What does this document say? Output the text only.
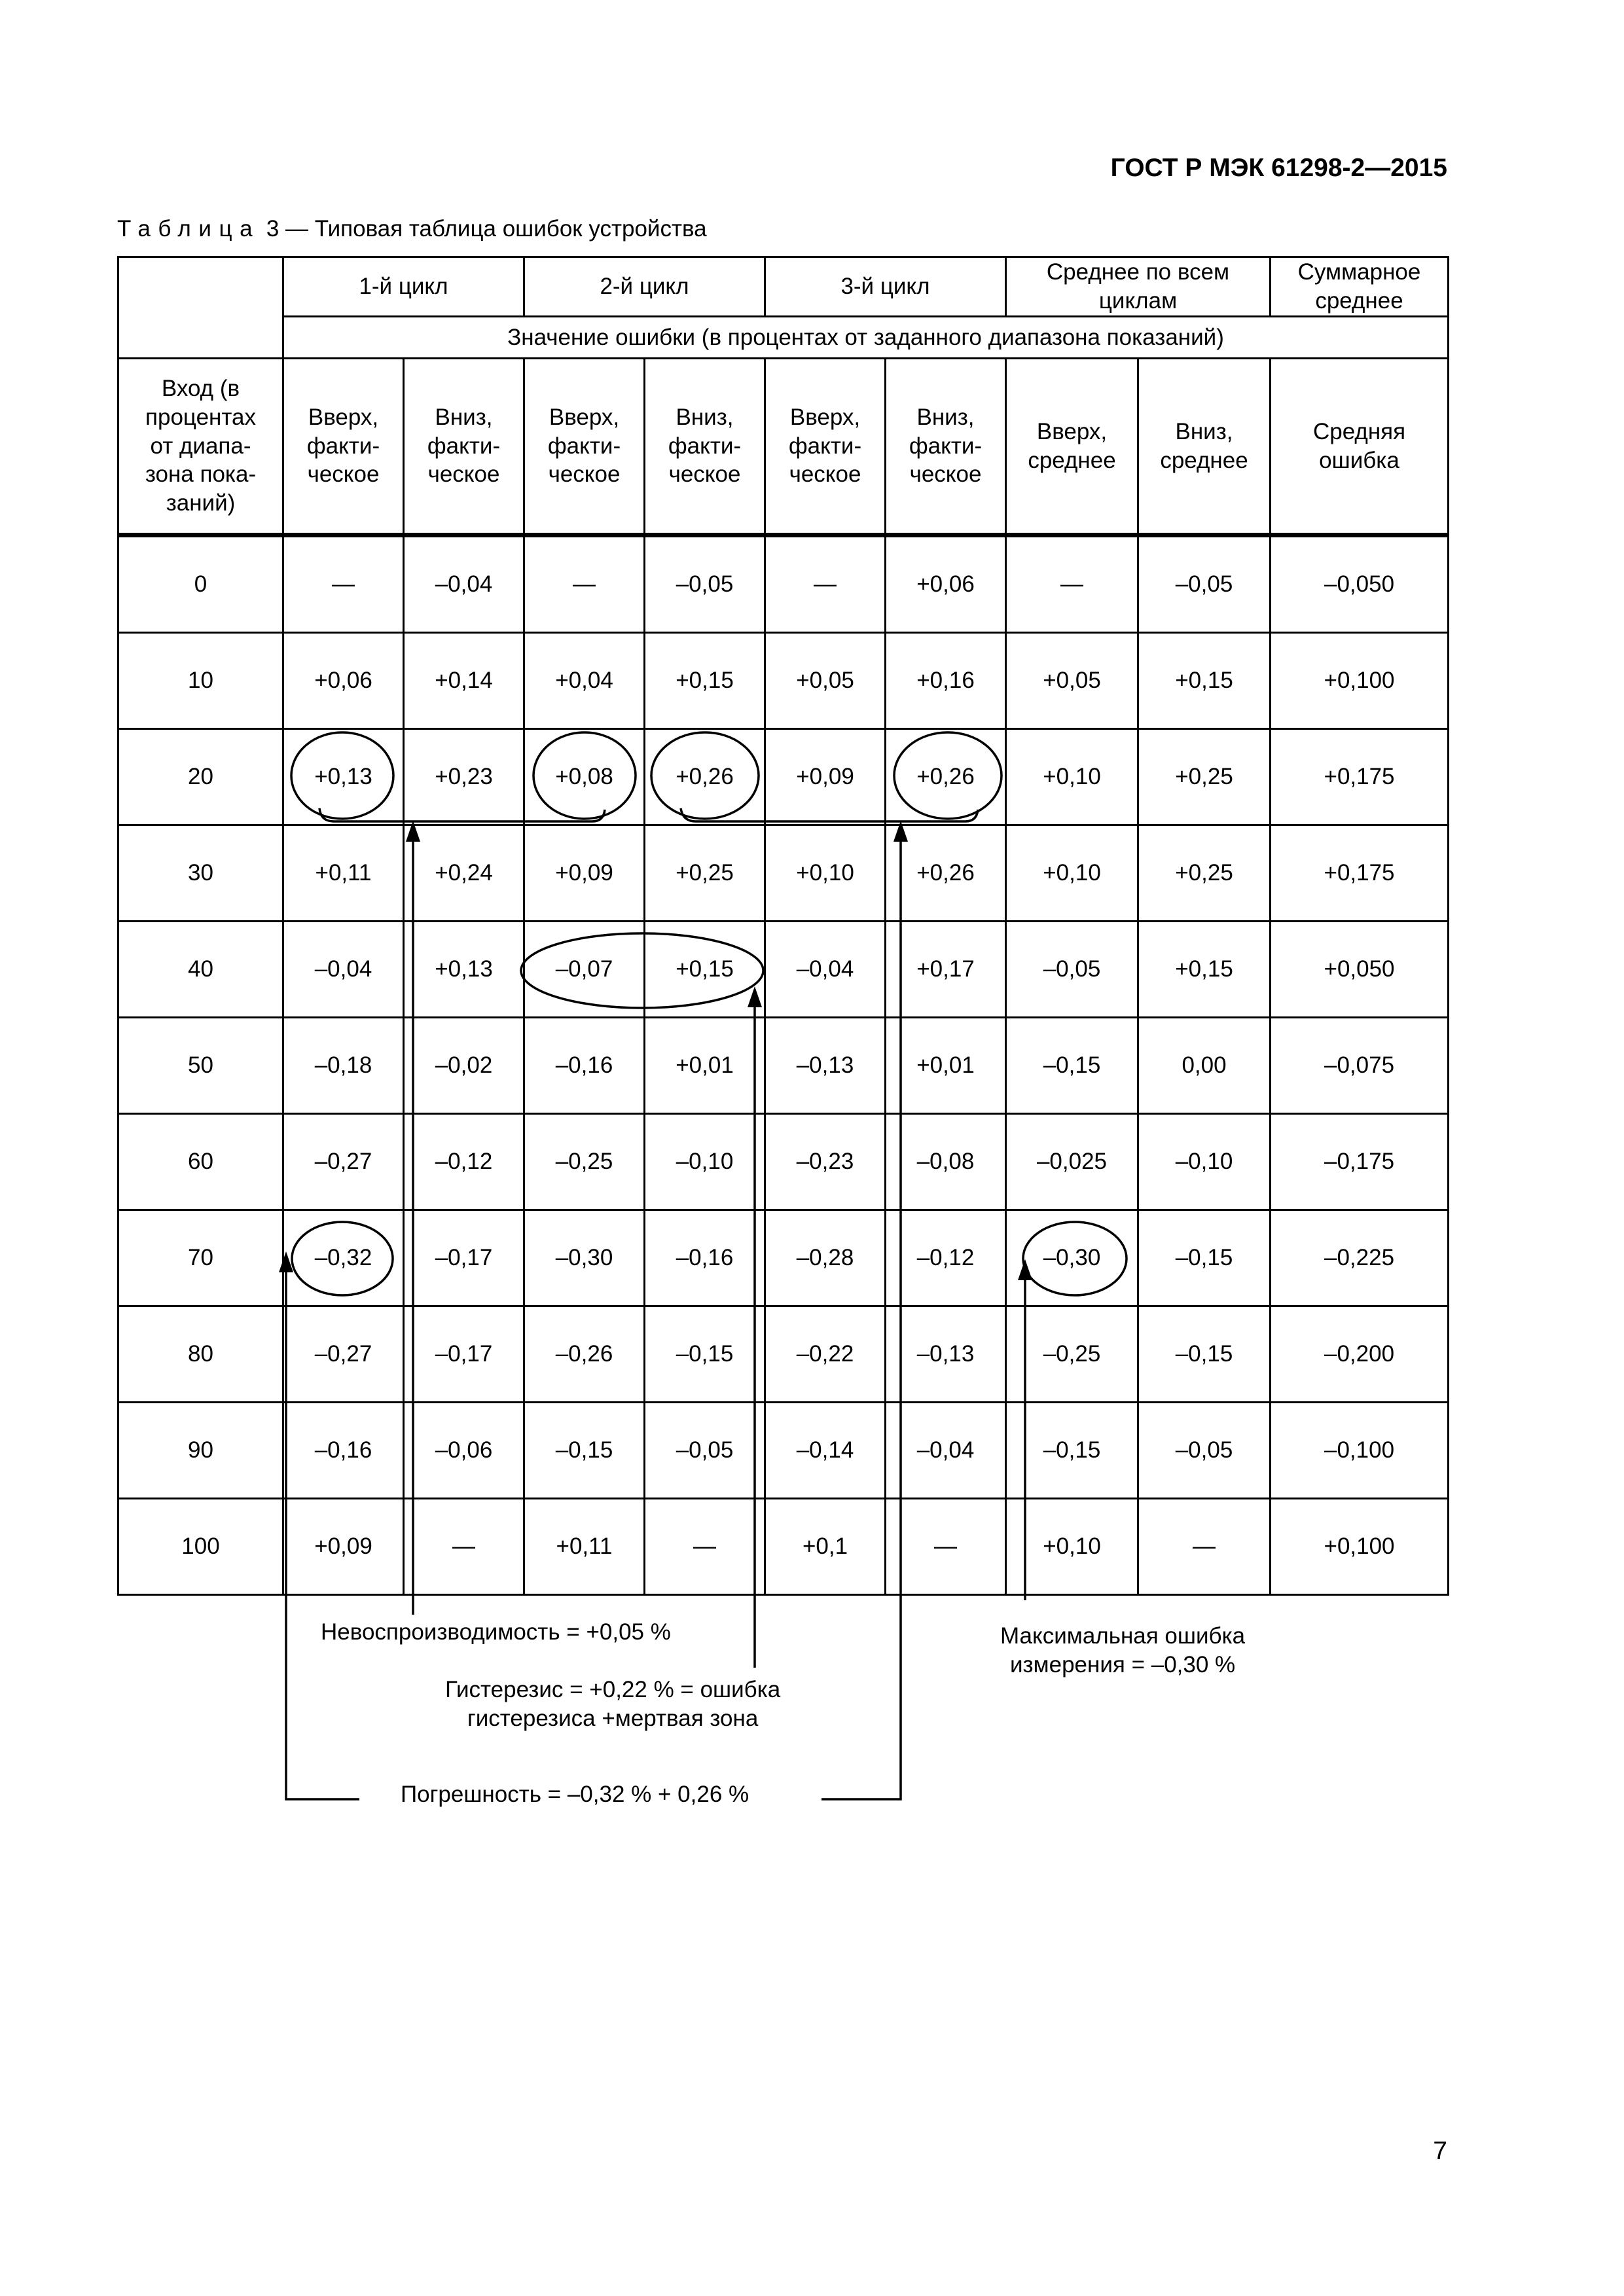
ГОСТ Р МЭК 61298-2—2015
Таблица 3 — Типовая таблица ошибок устройства
	1-й цикл		2-й цикл		3-й цикл		Среднее по всем циклам		Суммарное среднее
	Значение ошибки (в процентах от заданного диапазона показаний)								
Вход (в процентах от диапа-зона пока-заний)	Вверх, факти-ческое	Вниз, факти-ческое	Вверх, факти-ческое	Вниз, факти-ческое	Вверх, факти-ческое	Вниз, факти-ческое	Вверх, среднее	Вниз, среднее	Средняя ошибка
0	—	–0,04	—	–0,05	—	+0,06	—	–0,05	–0,050
10	+0,06	+0,14	+0,04	+0,15	+0,05	+0,16	+0,05	+0,15	+0,100
20	+0,13	+0,23	+0,08	+0,26	+0,09	+0,26	+0,10	+0,25	+0,175
30	+0,11	+0,24	+0,09	+0,25	+0,10	+0,26	+0,10	+0,25	+0,175
40	–0,04	+0,13	–0,07	+0,15	–0,04	+0,17	–0,05	+0,15	+0,050
50	–0,18	–0,02	–0,16	+0,01	–0,13	+0,01	–0,15	0,00	–0,075
60	–0,27	–0,12	–0,25	–0,10	–0,23	–0,08	–0,025	–0,10	–0,175
70	–0,32	–0,17	–0,30	–0,16	–0,28	–0,12	–0,30	–0,15	–0,225
80	–0,27	–0,17	–0,26	–0,15	–0,22	–0,13	–0,25	–0,15	–0,200
90	–0,16	–0,06	–0,15	–0,05	–0,14	–0,04	–0,15	–0,05	–0,100
100	+0,09	—	+0,11	—	+0,1	—	+0,10	—	+0,100
Невоспроизводимость = +0,05 %
Гистерезис = +0,22 % = ошибка
гистерезиса +мертвая зона
Погрешность = –0,32 % + 0,26 %
Максимальная ошибка
измерения = –0,30 %
7
